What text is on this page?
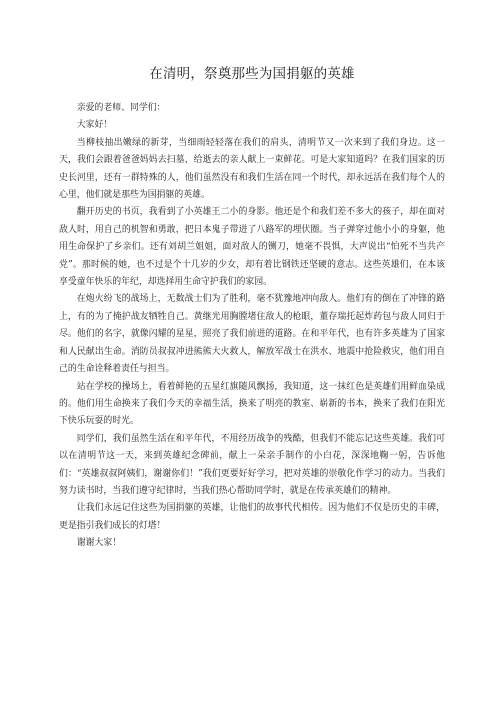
在清明，祭奠那些为国捐躯的英雄

亲爱的老师、同学们：

大家好！

当柳枝抽出嫩绿的新芽，当细雨轻轻落在我们的肩头，清明节又一次来到了我们身边。这一天，我们会跟着爸爸妈妈去扫墓，给逝去的亲人献上一束鲜花。可是大家知道吗？在我们国家的历史长河里，还有一群特殊的人，他们虽然没有和我们生活在同一个时代，却永远活在我们每个人的心里，他们就是那些为国捐躯的英雄。

翻开历史的书页，我看到了小英雄王二小的身影。他还是个和我们差不多大的孩子，却在面对敌人时，用自己的机智和勇敢，把日本鬼子带进了八路军的埋伏圈。当子弹穿过他小小的身躯，他用生命保护了乡亲们。还有刘胡兰姐姐，面对敌人的铡刀，她毫不畏惧，大声说出“怕死不当共产党”。那时候的她，也不过是个十几岁的少女，却有着比钢铁还坚硬的意志。这些英雄们，在本该享受童年快乐的年纪，却选择用生命守护我们的家园。

在炮火纷飞的战场上，无数战士们为了胜利，毫不犹豫地冲向敌人。他们有的倒在了冲锋的路上，有的为了掩护战友牺牲自己。黄继光用胸膛堵住敌人的枪眼，董存瑞托起炸药包与敌人同归于尽。他们的名字，就像闪耀的星星，照亮了我们前进的道路。在和平年代，也有许多英雄为了国家和人民献出生命。消防员叔叔冲进熊熊大火救人，解放军战士在洪水、地震中抢险救灾，他们用自己的生命诠释着责任与担当。

站在学校的操场上，看着鲜艳的五星红旗随风飘扬，我知道，这一抹红色是英雄们用鲜血染成的。他们用生命换来了我们今天的幸福生活，换来了明亮的教室、崭新的书本，换来了我们在阳光下快乐玩耍的时光。

同学们，我们虽然生活在和平年代，不用经历战争的残酷，但我们不能忘记这些英雄。我们可以在清明节这一天，来到英雄纪念碑前，献上一朵亲手制作的小白花，深深地鞠一躬，告诉他们：“英雄叔叔阿姨们，谢谢你们！”我们更要好好学习，把对英雄的崇敬化作学习的动力。当我们努力读书时，当我们遵守纪律时，当我们热心帮助同学时，就是在传承英雄们的精神。

让我们永远记住这些为国捐躯的英雄，让他们的故事代代相传。因为他们不仅是历史的丰碑，更是指引我们成长的灯塔！

谢谢大家！
